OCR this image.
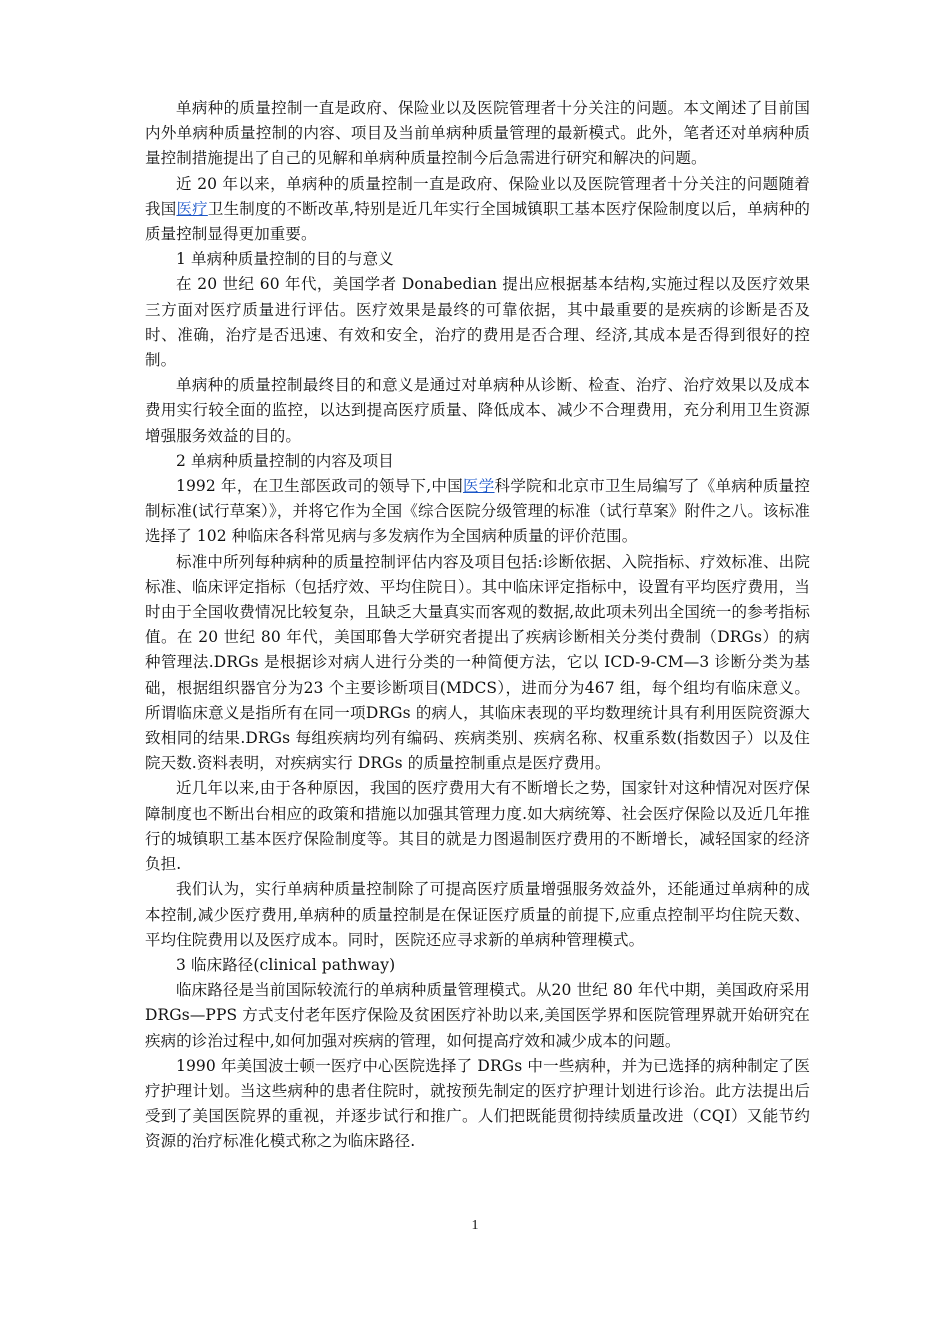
单病种的质量控制一直是政府、保险业以及医院管理者十分关注的问题。本文阐述了目前国内外单病种质量控制的内容、项目及当前单病种质量管理的最新模式。此外，笔者还对单病种质量控制措施提出了自己的见解和单病种质量控制今后急需进行研究和解决的问题。

近 20 年以来，单病种的质量控制一直是政府、保险业以及医院管理者十分关注的问题随着我国医疗卫生制度的不断改革,特别是近几年实行全国城镇职工基本医疗保险制度以后，单病种的质量控制显得更加重要。

1 单病种质量控制的目的与意义

在 20 世纪 60 年代，美国学者 Donabedian 提出应根据基本结构,实施过程以及医疗效果三方面对医疗质量进行评估。医疗效果是最终的可靠依据，其中最重要的是疾病的诊断是否及时、准确，治疗是否迅速、有效和安全，治疗的费用是否合理、经济,其成本是否得到很好的控制。

单病种的质量控制最终目的和意义是通过对单病种从诊断、检查、治疗、治疗效果以及成本费用实行较全面的监控，以达到提高医疗质量、降低成本、减少不合理费用，充分利用卫生资源增强服务效益的目的。

2 单病种质量控制的内容及项目

1992 年，在卫生部医政司的领导下,中国医学科学院和北京市卫生局编写了《单病种质量控制标准(试行草案）》，并将它作为全国《综合医院分级管理的标准（试行草案》附件之八。该标准选择了 102 种临床各科常见病与多发病作为全国病种质量的评价范围。

标准中所列每种病种的质量控制评估内容及项目包括:诊断依据、入院指标、疗效标准、出院标准、临床评定指标（包括疗效、平均住院日）。其中临床评定指标中，设置有平均医疗费用，当时由于全国收费情况比较复杂，且缺乏大量真实而客观的数据,故此项未列出全国统一的参考指标值。在 20 世纪 80 年代，美国耶鲁大学研究者提出了疾病诊断相关分类付费制（DRGs）的病种管理法.DRGs 是根据诊对病人进行分类的一种简便方法，它以 ICD-9-CM—3 诊断分类为基础，根据组织器官分为23 个主要诊断项目(MDCS），进而分为467 组，每个组均有临床意义。所谓临床意义是指所有在同一项DRGs 的病人，其临床表现的平均数理统计具有利用医院资源大致相同的结果.DRGs 每组疾病均列有编码、疾病类别、疾病名称、权重系数(指数因子）以及住院天数.资料表明，对疾病实行 DRGs 的质量控制重点是医疗费用。

近几年以来,由于各种原因，我国的医疗费用大有不断增长之势，国家针对这种情况对医疗保障制度也不断出台相应的政策和措施以加强其管理力度.如大病统筹、社会医疗保险以及近几年推行的城镇职工基本医疗保险制度等。其目的就是力图遏制医疗费用的不断增长，减轻国家的经济负担.

我们认为，实行单病种质量控制除了可提高医疗质量增强服务效益外，还能通过单病种的成本控制,减少医疗费用,单病种的质量控制是在保证医疗质量的前提下,应重点控制平均住院天数、平均住院费用以及医疗成本。同时，医院还应寻求新的单病种管理模式。

3 临床路径(clinical pathway)

临床路径是当前国际较流行的单病种质量管理模式。从20 世纪 80 年代中期，美国政府采用 DRGs—PPS 方式支付老年医疗保险及贫困医疗补助以来,美国医学界和医院管理界就开始研究在疾病的诊治过程中,如何加强对疾病的管理，如何提高疗效和减少成本的问题。

1990 年美国波士顿一医疗中心医院选择了 DRGs 中一些病种，并为已选择的病种制定了医疗护理计划。当这些病种的患者住院时，就按预先制定的医疗护理计划进行诊治。此方法提出后受到了美国医院界的重视，并逐步试行和推广。人们把既能贯彻持续质量改进（CQI）又能节约资源的治疗标准化模式称之为临床路径.

1
